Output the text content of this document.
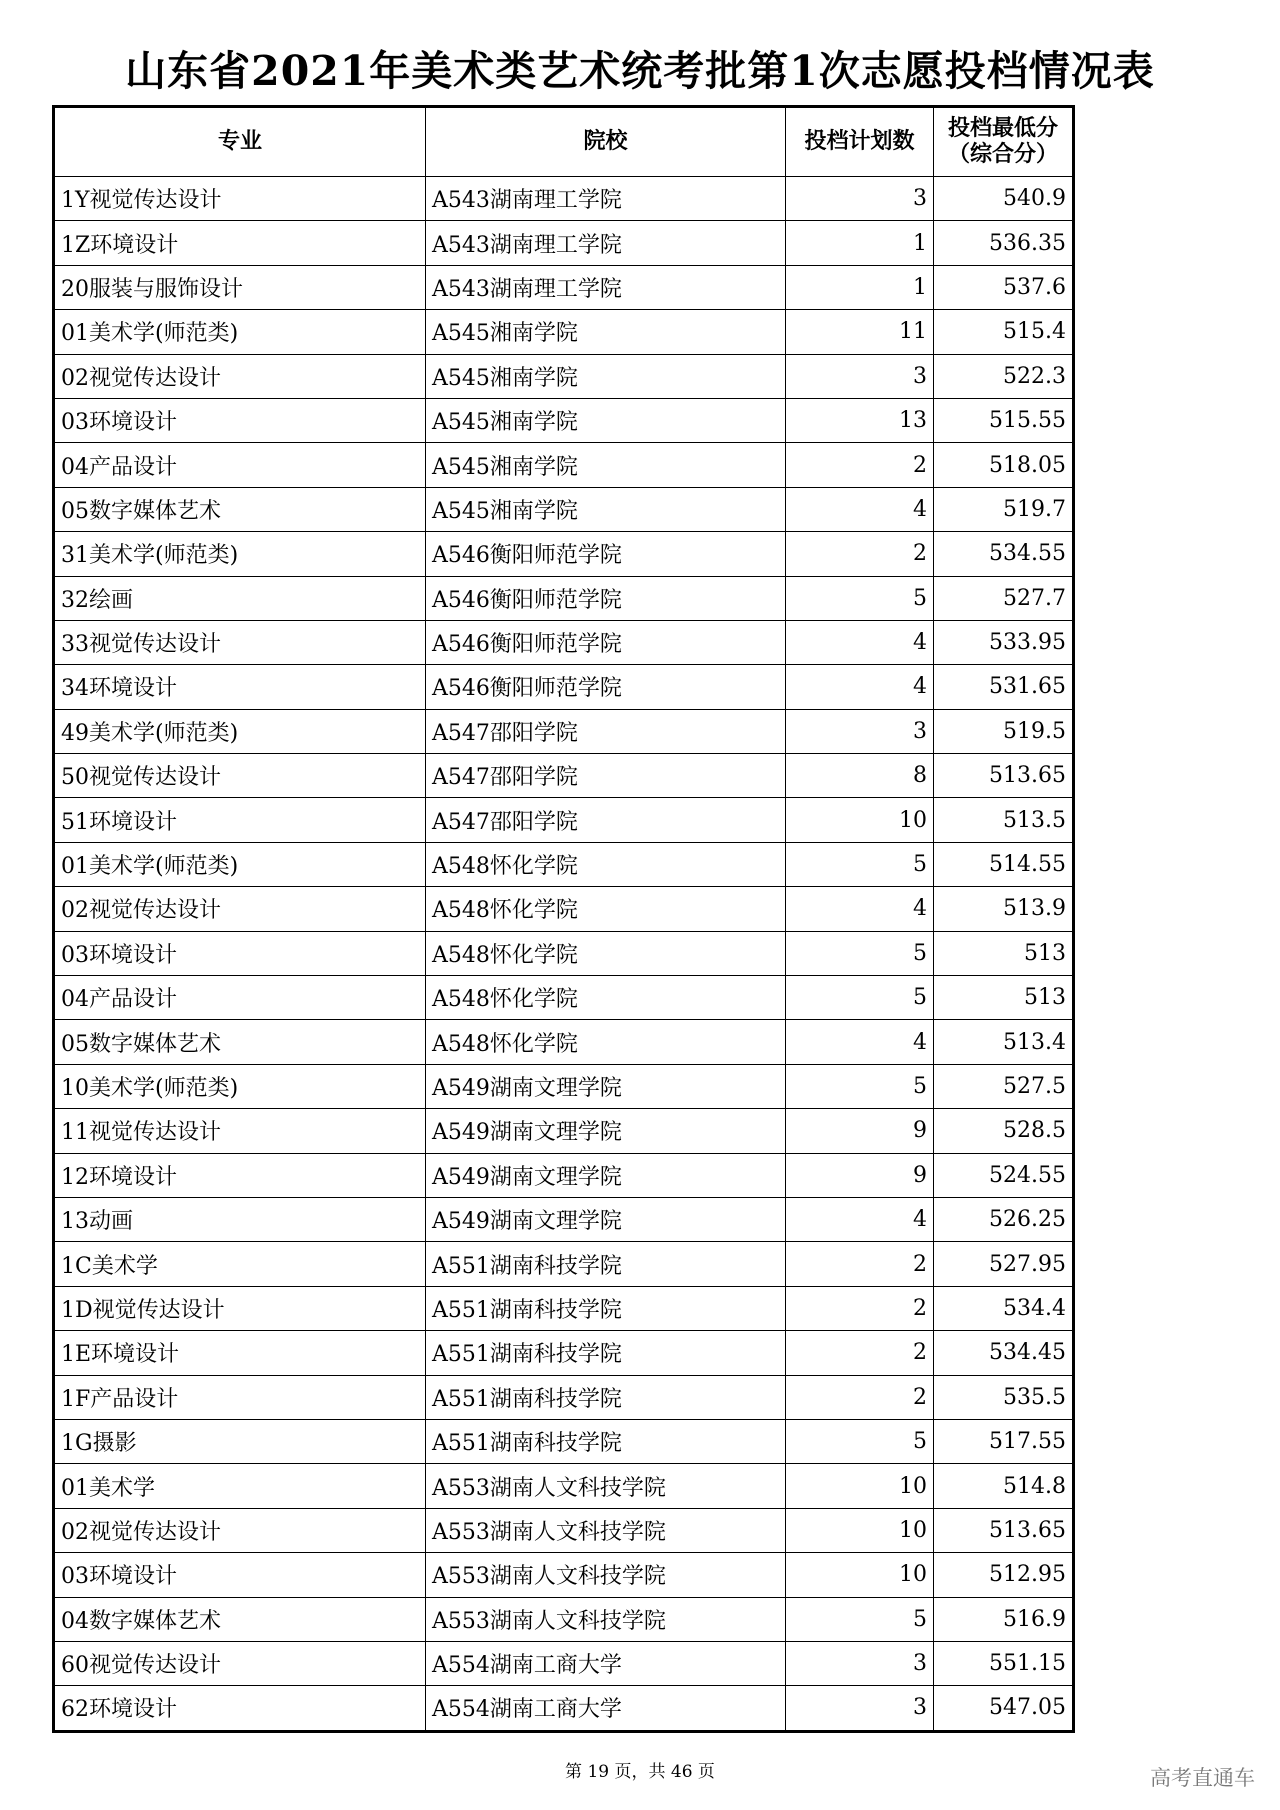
山东省2021年美术类艺术统考批第1次志愿投档情况表
专业	院校	投档计划数	投档最低分
（综合分）
1Y视觉传达设计	A543湖南理工学院	3	540.9
1Z环境设计	A543湖南理工学院	1	536.35
20服装与服饰设计	A543湖南理工学院	1	537.6
01美术学(师范类)	A545湘南学院	11	515.4
02视觉传达设计	A545湘南学院	3	522.3
03环境设计	A545湘南学院	13	515.55
04产品设计	A545湘南学院	2	518.05
05数字媒体艺术	A545湘南学院	4	519.7
31美术学(师范类)	A546衡阳师范学院	2	534.55
32绘画	A546衡阳师范学院	5	527.7
33视觉传达设计	A546衡阳师范学院	4	533.95
34环境设计	A546衡阳师范学院	4	531.65
49美术学(师范类)	A547邵阳学院	3	519.5
50视觉传达设计	A547邵阳学院	8	513.65
51环境设计	A547邵阳学院	10	513.5
01美术学(师范类)	A548怀化学院	5	514.55
02视觉传达设计	A548怀化学院	4	513.9
03环境设计	A548怀化学院	5	513
04产品设计	A548怀化学院	5	513
05数字媒体艺术	A548怀化学院	4	513.4
10美术学(师范类)	A549湖南文理学院	5	527.5
11视觉传达设计	A549湖南文理学院	9	528.5
12环境设计	A549湖南文理学院	9	524.55
13动画	A549湖南文理学院	4	526.25
1C美术学	A551湖南科技学院	2	527.95
1D视觉传达设计	A551湖南科技学院	2	534.4
1E环境设计	A551湖南科技学院	2	534.45
1F产品设计	A551湖南科技学院	2	535.5
1G摄影	A551湖南科技学院	5	517.55
01美术学	A553湖南人文科技学院	10	514.8
02视觉传达设计	A553湖南人文科技学院	10	513.65
03环境设计	A553湖南人文科技学院	10	512.95
04数字媒体艺术	A553湖南人文科技学院	5	516.9
60视觉传达设计	A554湖南工商大学	3	551.15
62环境设计	A554湖南工商大学	3	547.05
第 19 页，共 46 页	高考直通车
